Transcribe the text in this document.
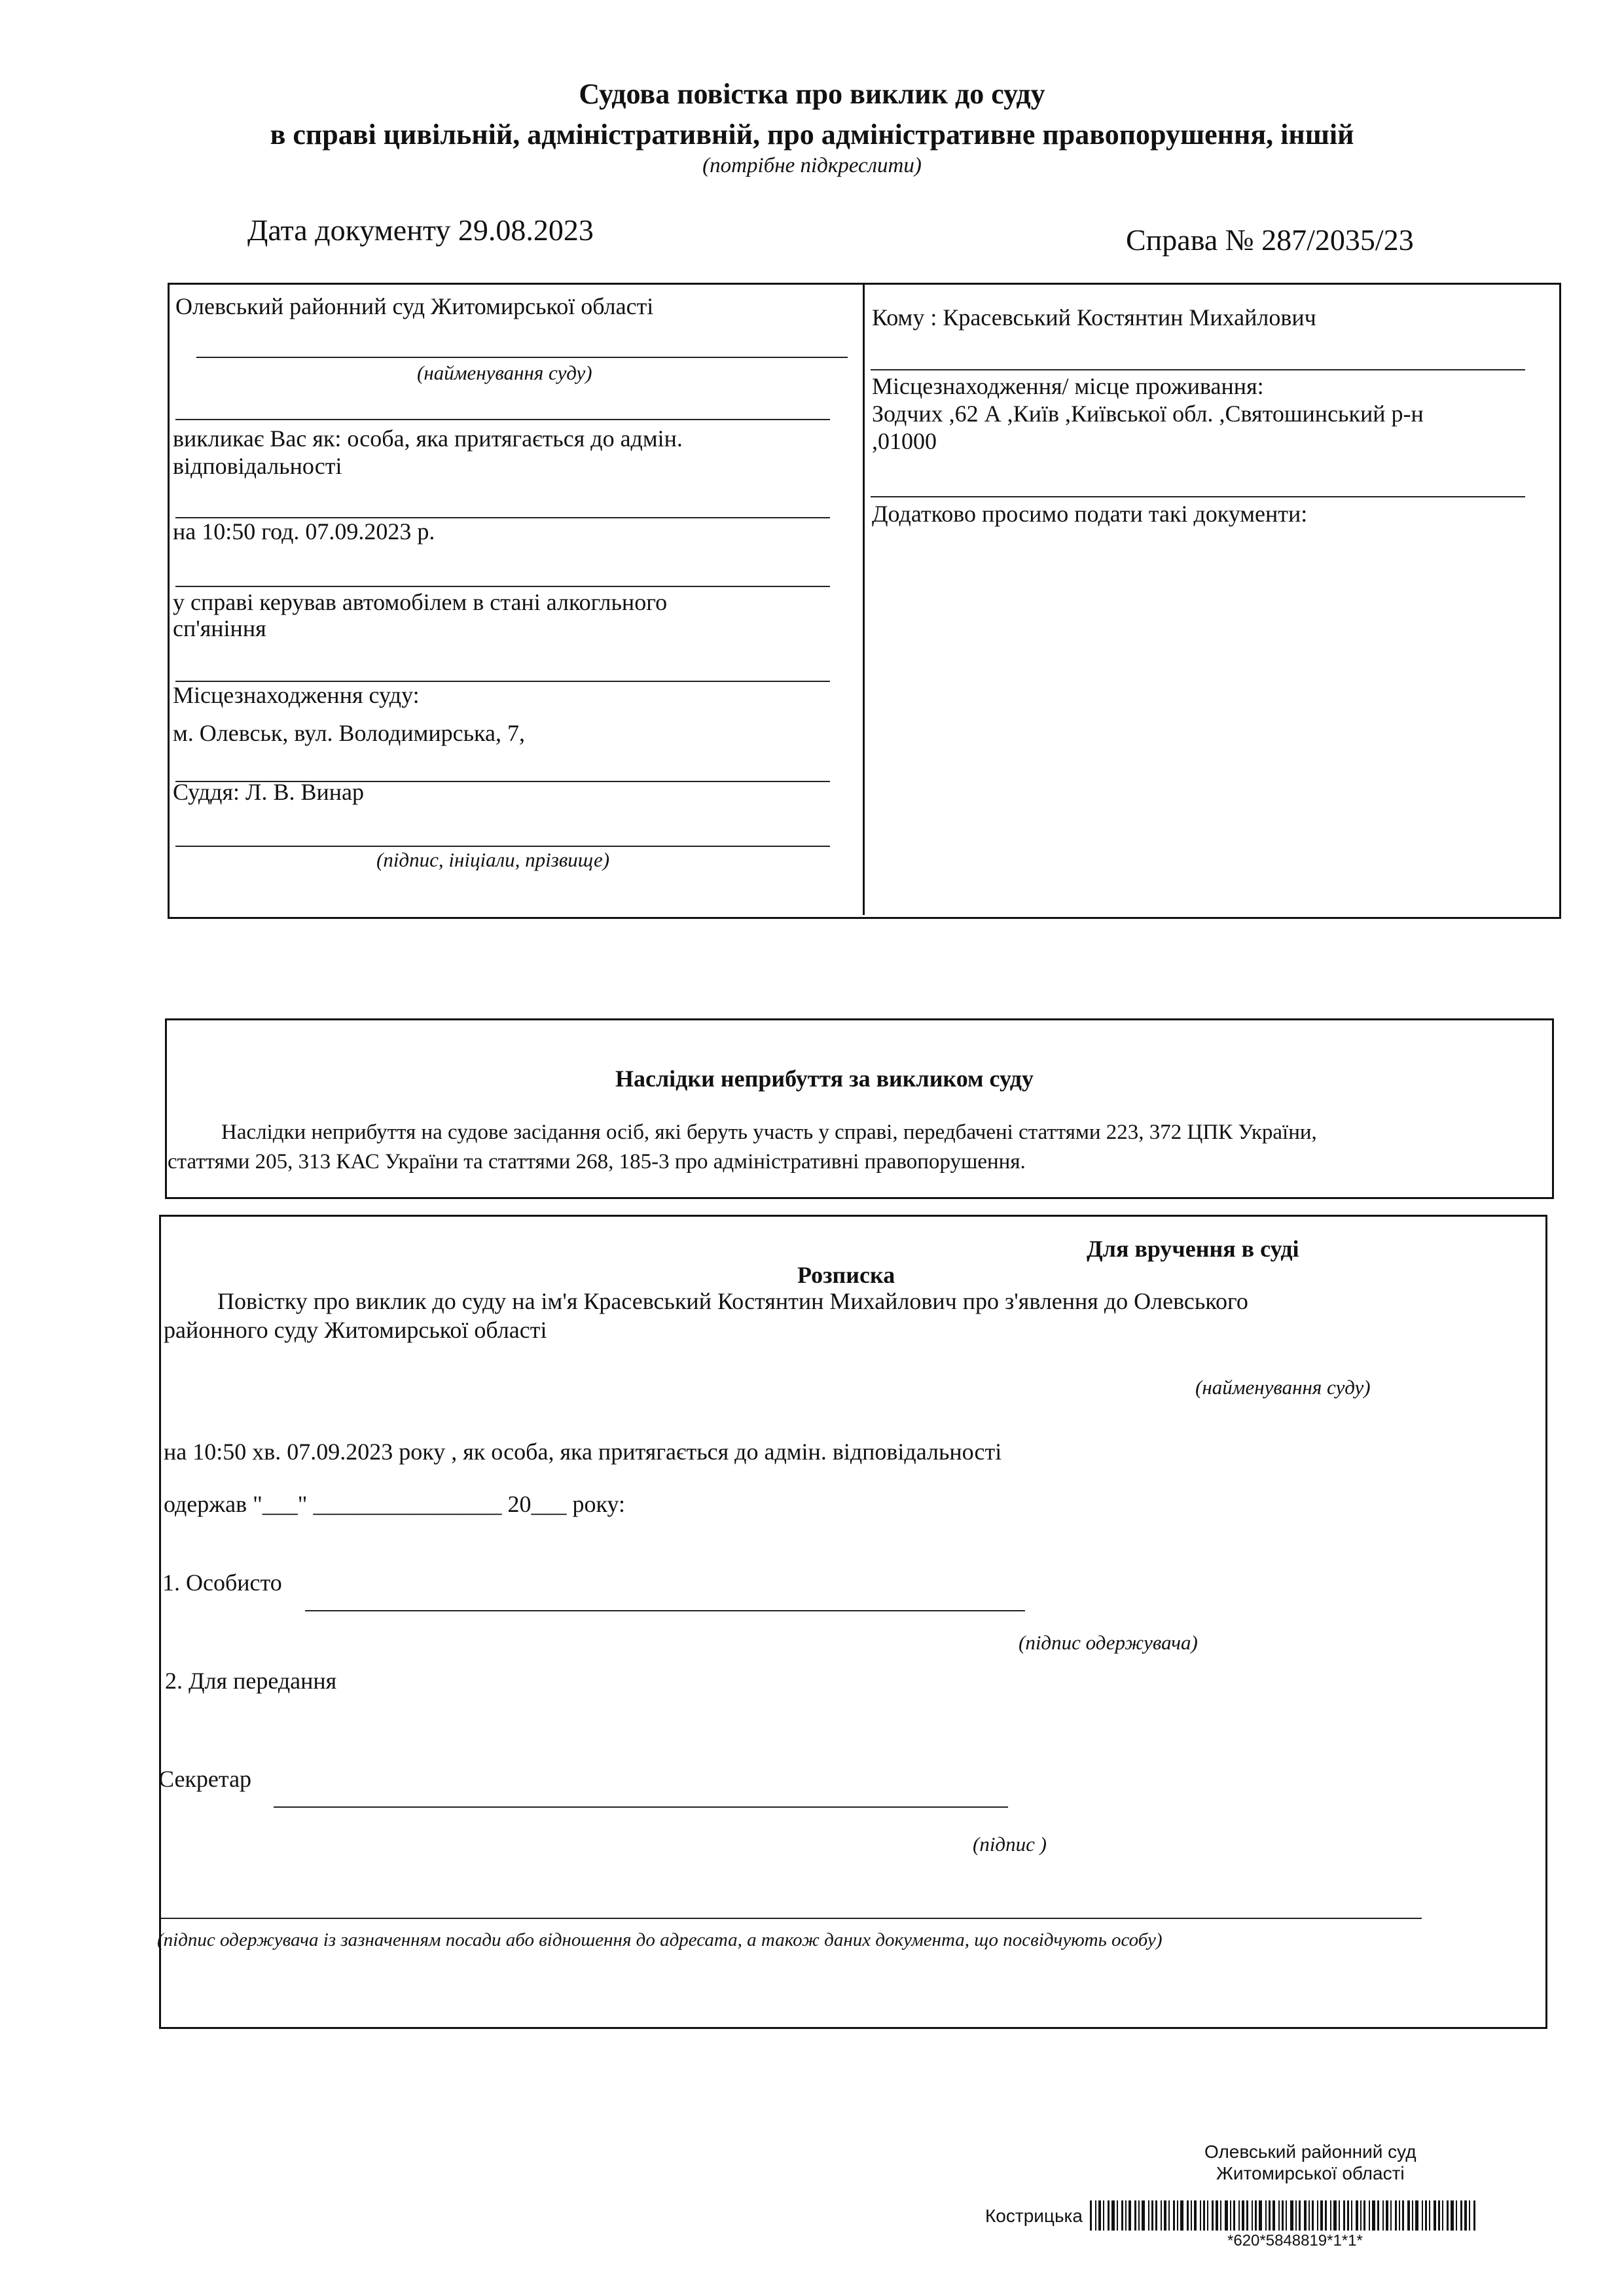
Судова повістка про виклик до суду
в справі цивільній, адміністративній, про адміністративне правопорушення, іншій
(потрібне підкреслити)
Дата документу 29.08.2023	Справа № 287/2035/23
Олевський районний суд Житомирської області
(найменування суду)
викликає Вас як: особа, яка притягається до адмін.
відповідальності
на 10:50 год. 07.09.2023 р.
у справі керував автомобілем в стані алкогльного
сп'яніння
Місцезнаходження суду:
м. Олевськ, вул. Володимирська, 7,
Суддя: Л. В. Винар
(підпис, ініціали, прізвище)
Кому : Красевський Костянтин Михайлович
Місцезнаходження/ місце проживання:
Зодчих ,62 А ,Київ ,Київської обл. ,Святошинський р-н
,01000
Додатково просимо подати такі документи:
Наслідки неприбуття за викликом суду
Наслідки неприбуття на судове засідання осіб, які беруть участь у справі, передбачені статтями 223, 372 ЦПК України,
статтями 205, 313 КАС України та статтями 268, 185-3 про адміністративні правопорушення.
Для вручення в суді
Розписка
Повістку про виклик до суду на ім'я Красевський Костянтин Михайлович про з'явлення до Олевського
районного суду Житомирської області
(найменування суду)
на 10:50 хв. 07.09.2023 року , як особа, яка притягається до адмін. відповідальності
одержав "___" ________________ 20___ року:
1. Особисто
(підпис одержувача)
2. Для передання
Секретар
(підпис )
(підпис одержувача із зазначенням посади або відношення до адресата, а також даних документа, що посвідчують особу)
Олевський районний суд
Житомирської області
Кострицька
*620*5848819*1*1*
